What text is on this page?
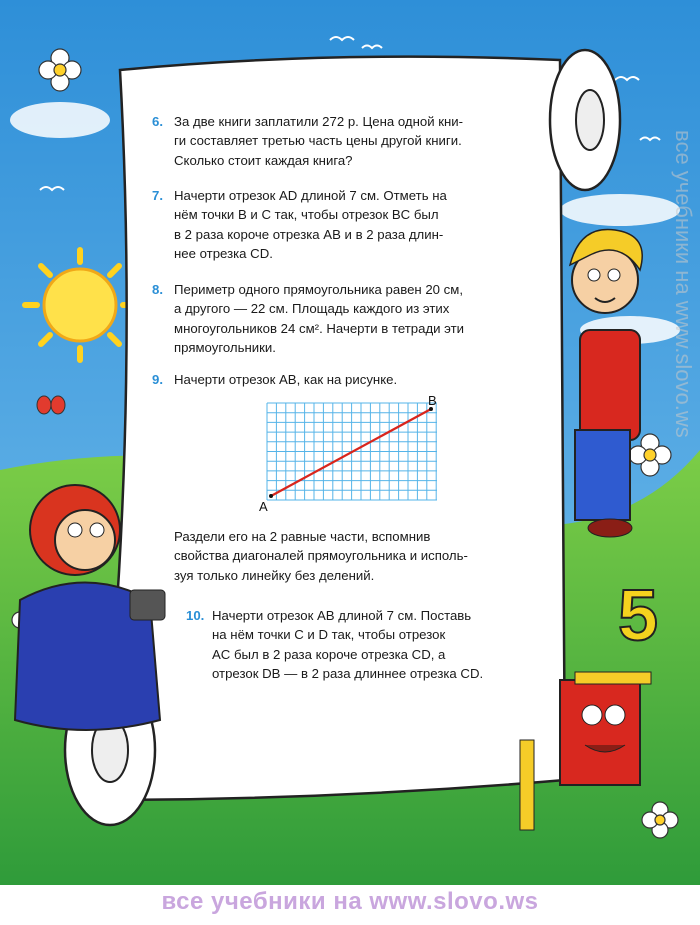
5
6. За две книги заплатили 272 р. Цена одной кни-
ги составляет третью часть цены другой книги.
Сколько стоит каждая книга?
7. Начерти отрезок AD длиной 7 см. Отметь на
нём точки B и C так, чтобы отрезок BC был
в 2 раза короче отрезка AB и в 2 раза длин-
нее отрезка CD.
8. Периметр одного прямоугольника равен 20 см,
а другого — 22 см. Площадь каждого из этих
многоугольников 24 см². Начерти в тетради эти
прямоугольники.
9. Начерти отрезок AB, как на рисунке.
A
B
Раздели его на 2 равные части, вспомнив
свойства диагоналей прямоугольника и исполь-
зуя только линейку без делений.
10. Начерти отрезок AB длиной 7 см. Поставь
на нём точки C и D так, чтобы отрезок
AC был в 2 раза короче отрезка CD, а
отрезок DB — в 2 раза длиннее отрезка CD.
все учебники на www.slovo.ws
все учебники на www.slovo.ws
